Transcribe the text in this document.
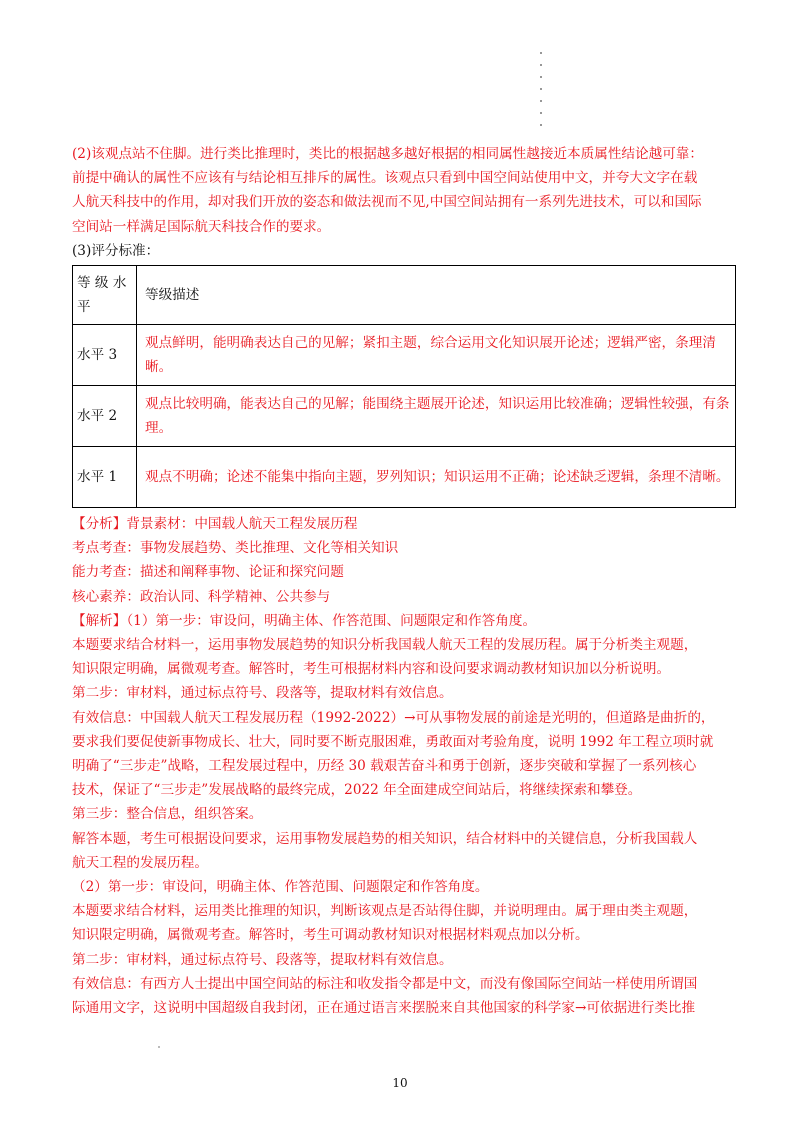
(2)该观点站不住脚。进行类比推理时，类比的根据越多越好根据的相同属性越接近本质属性结论越可靠：

前提中确认的属性不应该有与结论相互排斥的属性。该观点只看到中国空间站使用中文，并夸大文字在载

人航天科技中的作用，却对我们开放的姿态和做法视而不见,中国空间站拥有一系列先进技术，可以和国际

空间站一样满足国际航天科技合作的要求。

(3)评分标准：

等 级 水 平	等级描述
水平 3	观点鲜明，能明确表达自己的见解；紧扣主题，综合运用文化知识展开论述；逻辑严密，条理清晰。
水平 2	观点比较明确，能表达自己的见解；能围绕主题展开论述，知识运用比较准确；逻辑性较强，有条理。
水平 1	观点不明确；论述不能集中指向主题，罗列知识；知识运用不正确；论述缺乏逻辑，条理不清晰。

【分析】背景素材：中国载人航天工程发展历程

考点考查：事物发展趋势、类比推理、文化等相关知识

能力考查：描述和阐释事物、论证和探究问题

核心素养：政治认同、科学精神、公共参与

【解析】（1）第一步：审设问，明确主体、作答范围、问题限定和作答角度。

本题要求结合材料一，运用事物发展趋势的知识分析我国载人航天工程的发展历程。属于分析类主观题，

知识限定明确，属微观考查。解答时，考生可根据材料内容和设问要求调动教材知识加以分析说明。

第二步：审材料，通过标点符号、段落等，提取材料有效信息。

有效信息：中国载人航天工程发展历程（1992-2022）→可从事物发展的前途是光明的，但道路是曲折的，

要求我们要促使新事物成长、壮大，同时要不断克服困难，勇敢面对考验角度，说明 1992 年工程立项时就

明确了“三步走”战略，工程发展过程中，历经 30 载艰苦奋斗和勇于创新，逐步突破和掌握了一系列核心

技术，保证了“三步走”发展战略的最终完成，2022 年全面建成空间站后，将继续探索和攀登。

第三步：整合信息，组织答案。

解答本题，考生可根据设问要求，运用事物发展趋势的相关知识，结合材料中的关键信息，分析我国载人

航天工程的发展历程。

（2）第一步：审设问，明确主体、作答范围、问题限定和作答角度。

本题要求结合材料，运用类比推理的知识，判断该观点是否站得住脚，并说明理由。属于理由类主观题，

知识限定明确，属微观考查。解答时，考生可调动教材知识对根据材料观点加以分析。

第二步：审材料，通过标点符号、段落等，提取材料有效信息。

有效信息：有西方人士提出中国空间站的标注和收发指令都是中文，而没有像国际空间站一样使用所谓国

际通用文字，这说明中国超级自我封闭，正在通过语言来摆脱来自其他国家的科学家→可依据进行类比推

10
